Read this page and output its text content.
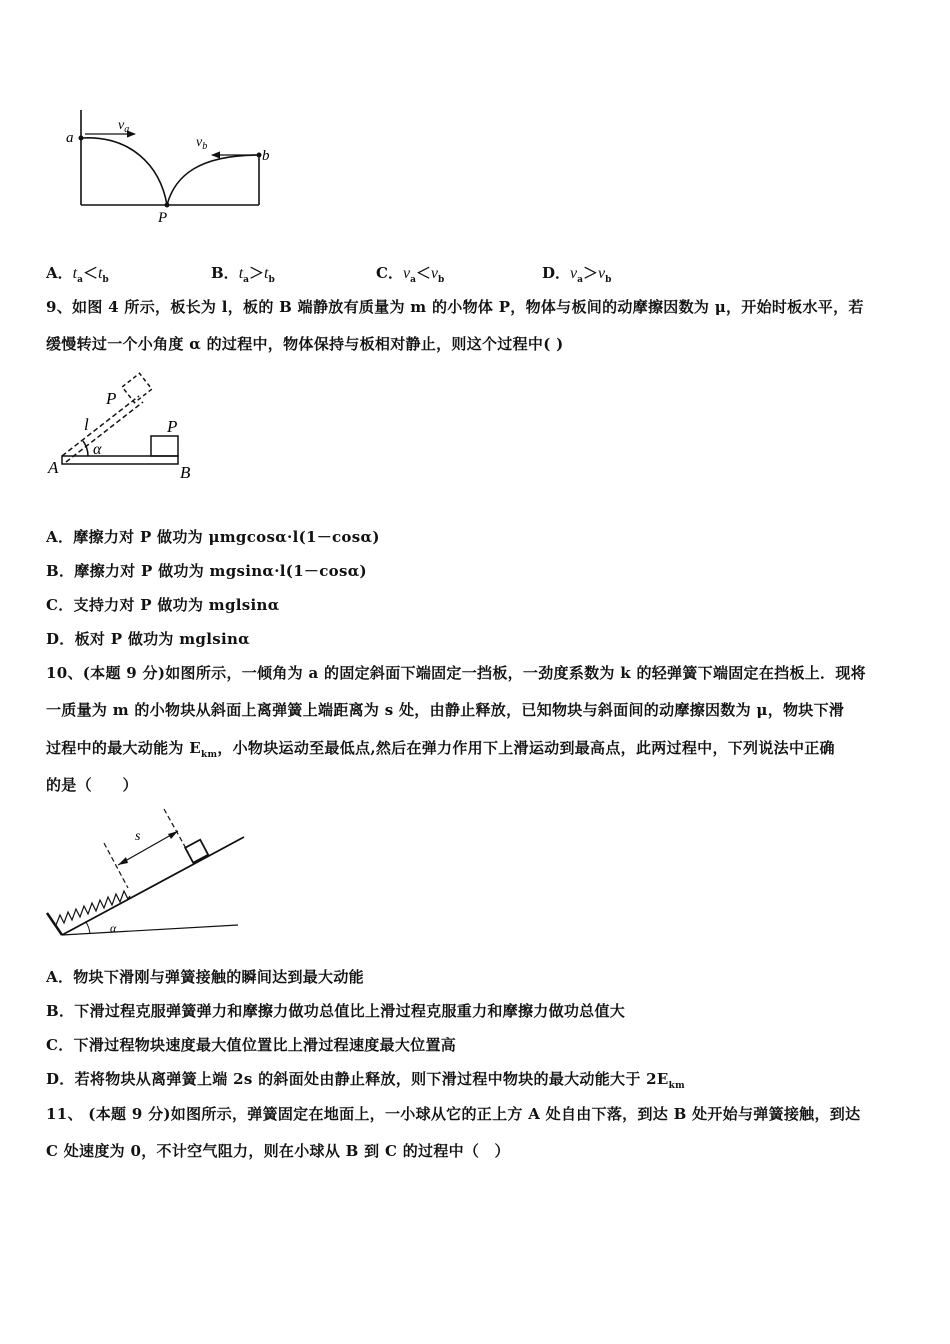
a
b
P
$v_a$
$v_b$
A．$t_a<t_b$	B．$t_a>t_b$	C．$v_a<v_b$	D．$v_a>v_b$
9、如图 4 所示，板长为 l，板的 B 端静放有质量为 m 的小物体 P，物体与板间的动摩擦因数为 μ，开始时板水平，若
缓慢转过一个小角度 α 的过程中，物体保持与板相对静止，则这个过程中( )
P
l	P
α
A	B
A．摩擦力对 P 做功为 μmgcosα·l(1－cosα)
B．摩擦力对 P 做功为 mgsinα·l(1－cosα)
C．支持力对 P 做功为 mglsinα
D．板对 P 做功为 mglsinα
10、(本题 9 分)如图所示，一倾角为 a 的固定斜面下端固定一挡板，一劲度系数为 k 的轻弹簧下端固定在挡板上．现将
一质量为 m 的小物块从斜面上离弹簧上端距离为 s 处，由静止释放，已知物块与斜面间的动摩擦因数为 μ，物块下滑
过程中的最大动能为 $E_{km}$，小物块运动至最低点,然后在弹力作用下上滑运动到最高点，此两过程中，下列说法中正确
的是（　　）
s
α
A．物块下滑刚与弹簧接触的瞬间达到最大动能
B．下滑过程克服弹簧弹力和摩擦力做功总值比上滑过程克服重力和摩擦力做功总值大
C．下滑过程物块速度最大值位置比上滑过程速度最大位置高
D．若将物块从离弹簧上端 2s 的斜面处由静止释放，则下滑过程中物块的最大动能大于 $2E_{km}$
11、 (本题 9 分)如图所示，弹簧固定在地面上，一小球从它的正上方 A 处自由下落，到达 B 处开始与弹簧接触，到达
C 处速度为 0，不计空气阻力，则在小球从 B 到 C 的过程中（　）
